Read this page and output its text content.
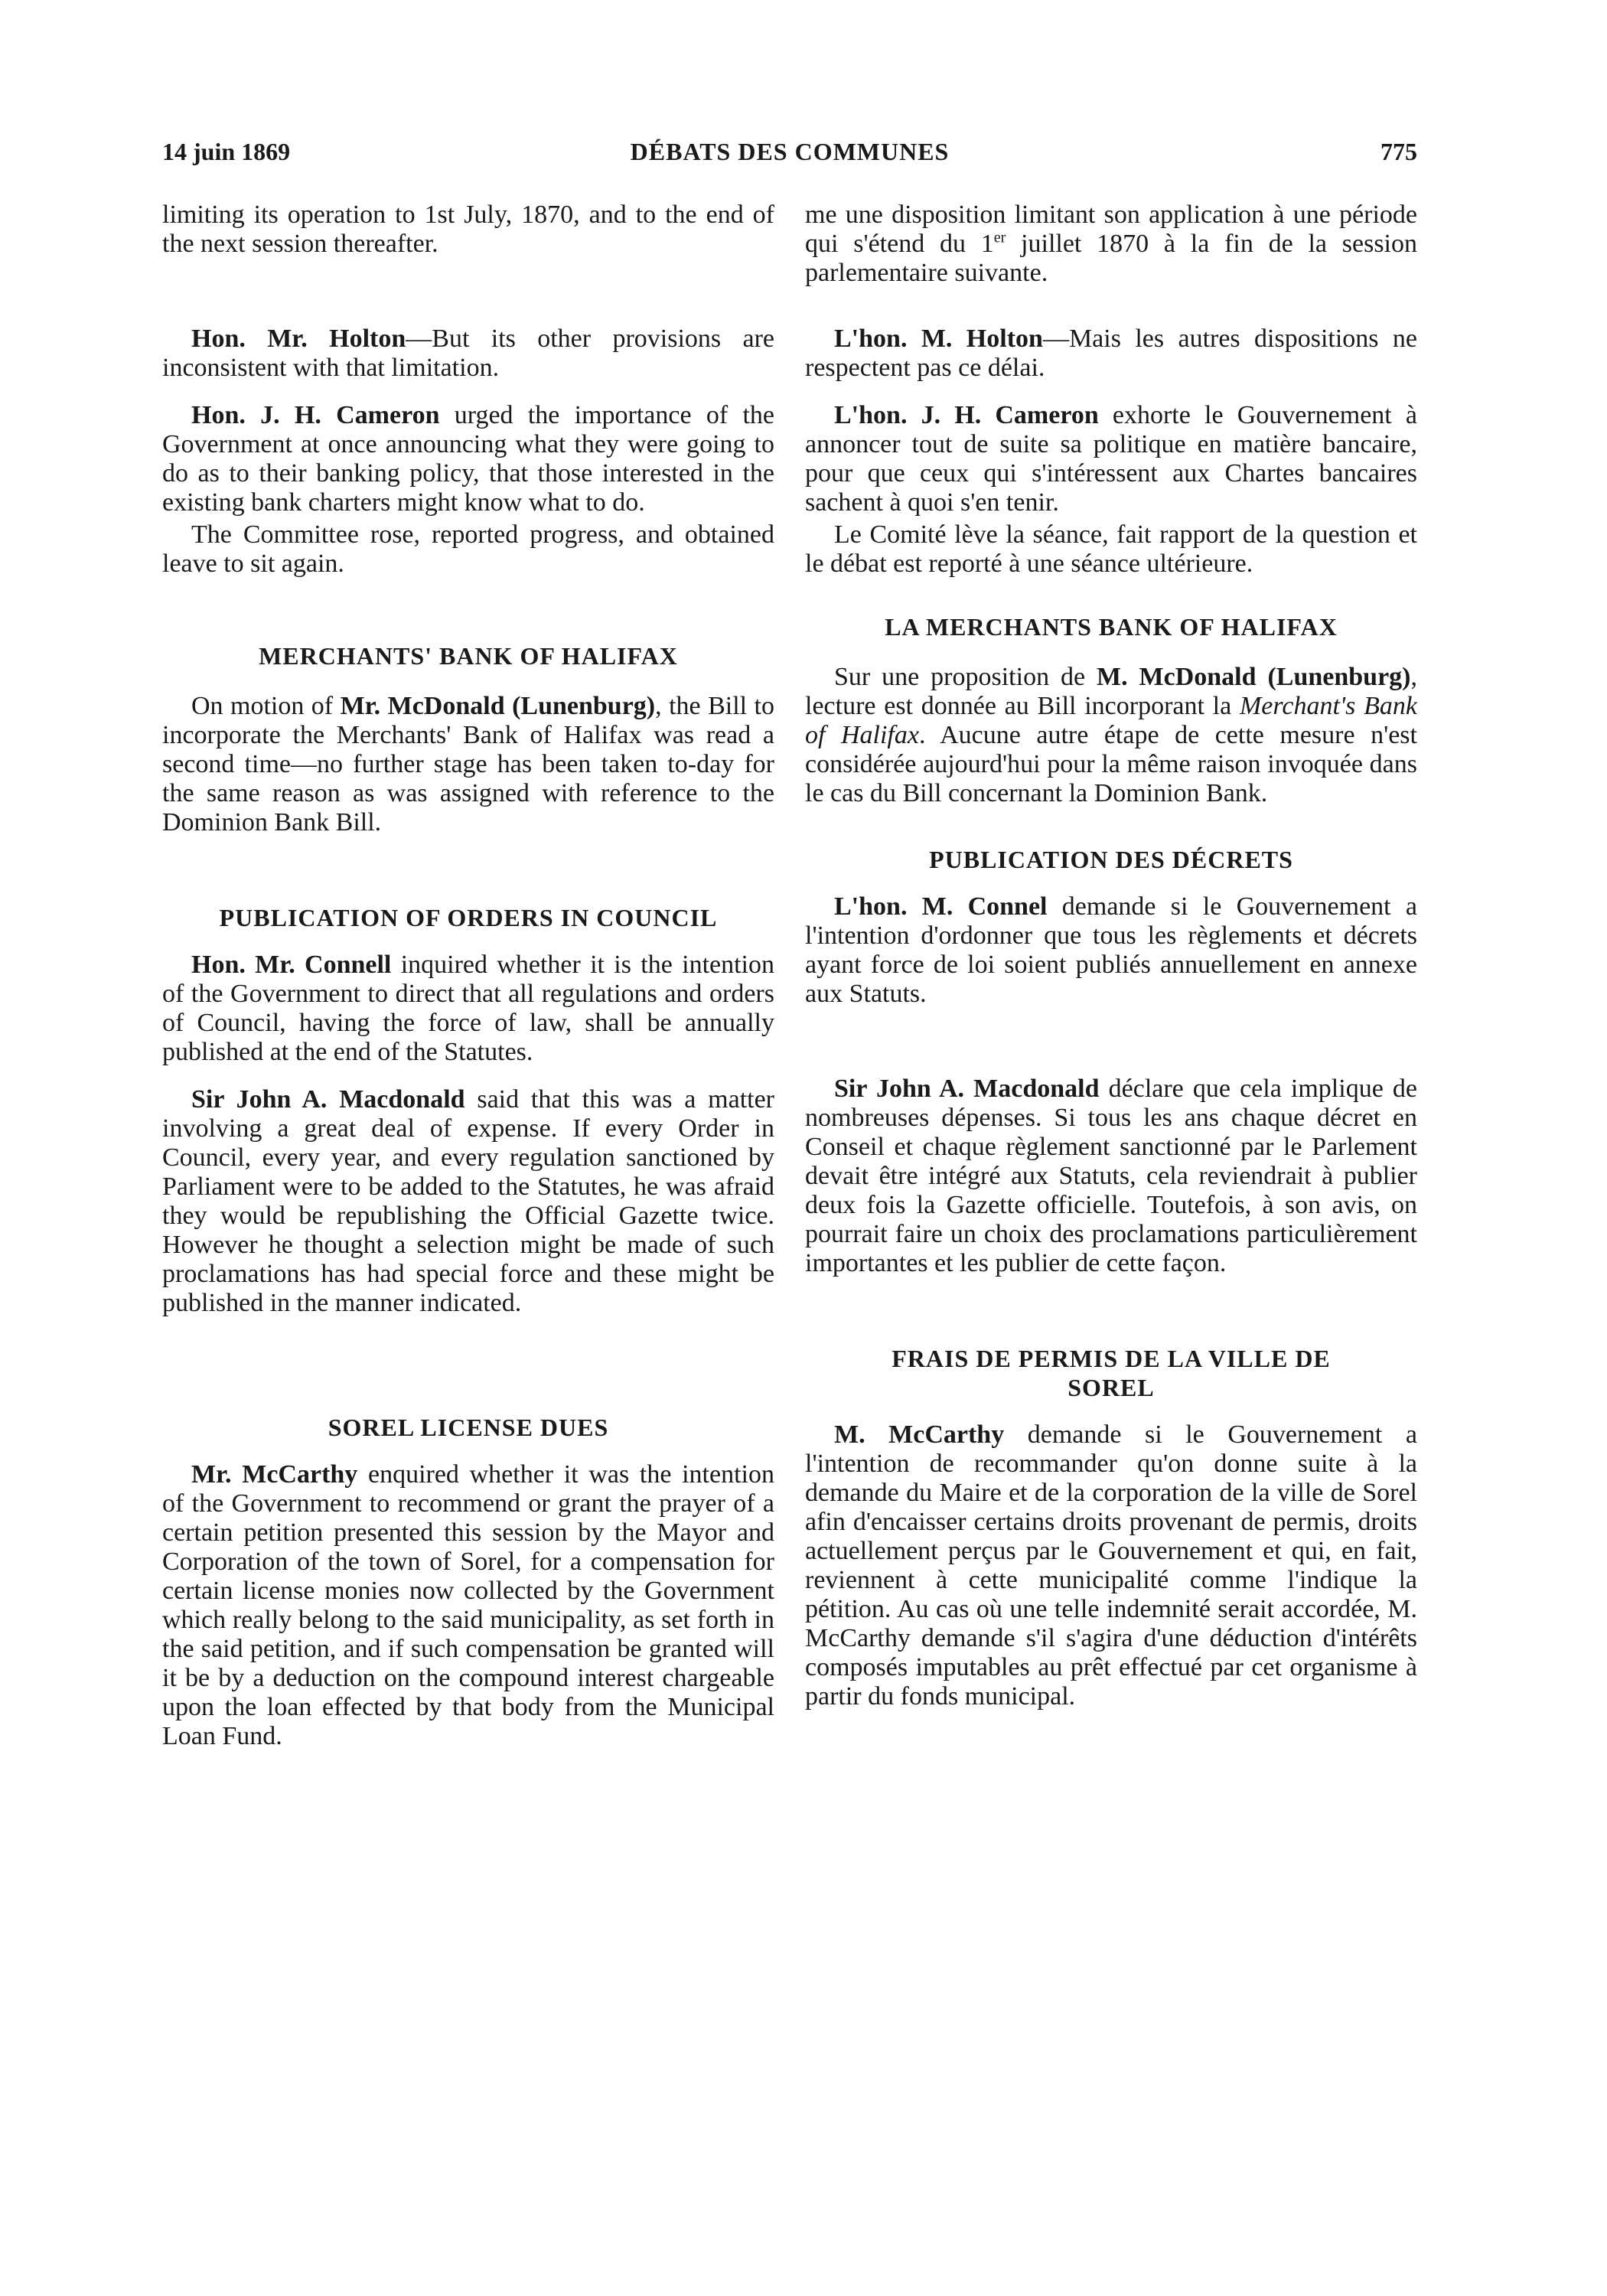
14 juin 1869	DÉBATS DES COMMUNES	775

limiting its operation to 1st July, 1870, and to the end of the next session thereafter.

Hon. Mr. Holton—But its other provisions are inconsistent with that limitation.

Hon. J. H. Cameron urged the importance of the Government at once announcing what they were going to do as to their banking policy, that those interested in the existing bank charters might know what to do.

The Committee rose, reported progress, and obtained leave to sit again.

MERCHANTS' BANK OF HALIFAX

On motion of Mr. McDonald (Lunenburg), the Bill to incorporate the Merchants' Bank of Halifax was read a second time—no further stage has been taken to-day for the same reason as was assigned with reference to the Dominion Bank Bill.

PUBLICATION OF ORDERS IN COUNCIL

Hon. Mr. Connell inquired whether it is the intention of the Government to direct that all regulations and orders of Council, having the force of law, shall be annually published at the end of the Statutes.

Sir John A. Macdonald said that this was a matter involving a great deal of expense. If every Order in Council, every year, and every regulation sanctioned by Parliament were to be added to the Statutes, he was afraid they would be republishing the Official Gazette twice. However he thought a selection might be made of such proclamations has had special force and these might be published in the manner indicated.

SOREL LICENSE DUES

Mr. McCarthy enquired whether it was the intention of the Government to recommend or grant the prayer of a certain petition presented this session by the Mayor and Corporation of the town of Sorel, for a compensation for certain license monies now collected by the Government which really belong to the said municipality, as set forth in the said petition, and if such compensation be granted will it be by a deduction on the compound interest chargeable upon the loan effected by that body from the Municipal Loan Fund.

me une disposition limitant son application à une période qui s'étend du 1er juillet 1870 à la fin de la session parlementaire suivante.

L'hon. M. Holton—Mais les autres dispositions ne respectent pas ce délai.

L'hon. J. H. Cameron exhorte le Gouvernement à annoncer tout de suite sa politique en matière bancaire, pour que ceux qui s'intéressent aux Chartes bancaires sachent à quoi s'en tenir.

Le Comité lève la séance, fait rapport de la question et le débat est reporté à une séance ultérieure.

LA MERCHANTS BANK OF HALIFAX

Sur une proposition de M. McDonald (Lunenburg), lecture est donnée au Bill incorporant la Merchant's Bank of Halifax. Aucune autre étape de cette mesure n'est considérée aujourd'hui pour la même raison invoquée dans le cas du Bill concernant la Dominion Bank.

PUBLICATION DES DÉCRETS

L'hon. M. Connel demande si le Gouvernement a l'intention d'ordonner que tous les règlements et décrets ayant force de loi soient publiés annuellement en annexe aux Statuts.

Sir John A. Macdonald déclare que cela implique de nombreuses dépenses. Si tous les ans chaque décret en Conseil et chaque règlement sanctionné par le Parlement devait être intégré aux Statuts, cela reviendrait à publier deux fois la Gazette officielle. Toutefois, à son avis, on pourrait faire un choix des proclamations particulièrement importantes et les publier de cette façon.

FRAIS DE PERMIS DE LA VILLE DE
SOREL

M. McCarthy demande si le Gouvernement a l'intention de recommander qu'on donne suite à la demande du Maire et de la corporation de la ville de Sorel afin d'encaisser certains droits provenant de permis, droits actuellement perçus par le Gouvernement et qui, en fait, reviennent à cette municipalité comme l'indique la pétition. Au cas où une telle indemnité serait accordée, M. McCarthy demande s'il s'agira d'une déduction d'intérêts composés imputables au prêt effectué par cet organisme à partir du fonds municipal.
